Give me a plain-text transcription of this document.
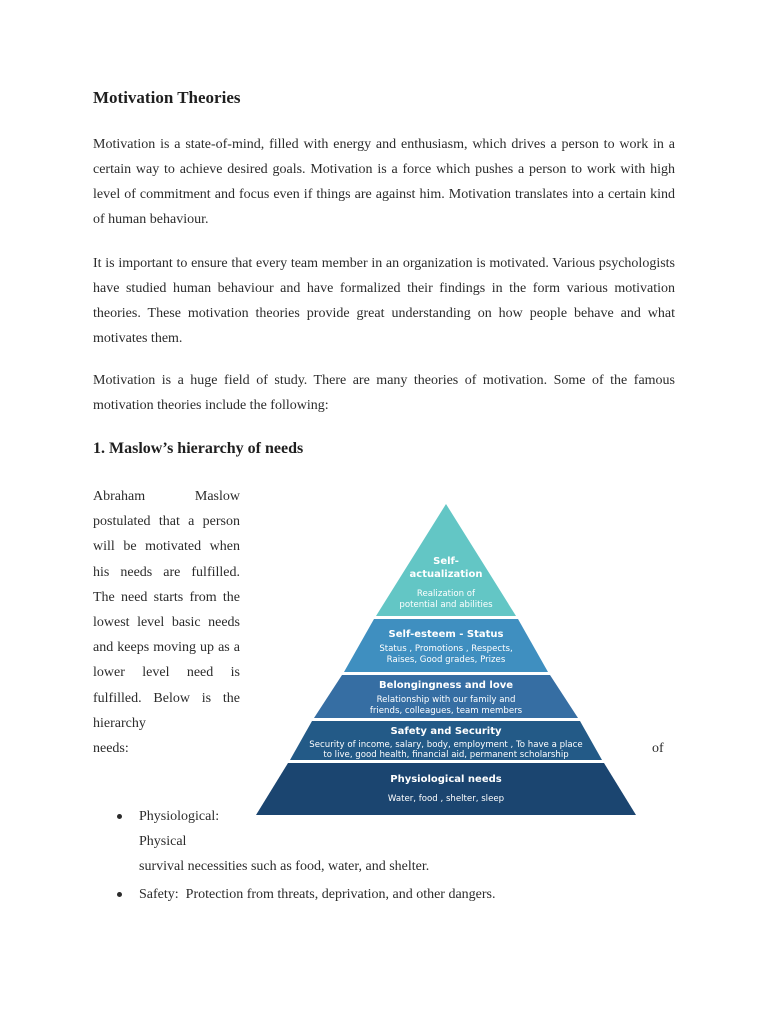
Motivation Theories

Motivation is a state-of-mind, filled with energy and enthusiasm, which drives a person to work in a certain way to achieve desired goals. Motivation is a force which pushes a person to work with high level of commitment and focus even if things are against him. Motivation translates into a certain kind of human behaviour.

It is important to ensure that every team member in an organization is motivated. Various psychologists have studied human behaviour and have formalized their findings in the form various motivation theories. These motivation theories provide great understanding on how people behave and what motivates them.

Motivation is a huge field of study. There are many theories of motivation. Some of the famous motivation theories include the following:

1. Maslow’s hierarchy of needs

Abraham Maslow postulated that a person will be motivated when his needs are fulfilled. The need starts from the lowest level basic needs and keeps moving up as a lower level need is fulfilled. Below is the hierarchy
needs:	of
Self-
actualization
Realization of
potential and abilities
Self-esteem - Status
Status , Promotions , Respects,
Raises, Good grades, Prizes
Belongingness and love
Relationship with our family and
friends, colleagues, team members
Safety and Security
Security of income, salary, body, employment , To have a place
to live, good health, financial aid, permanent scholarship
Physiological needs
Water, food , shelter, sleep
Physiological:
Physical
survival necessities such as food, water, and shelter.
Safety: Protection from threats, deprivation, and other dangers.
